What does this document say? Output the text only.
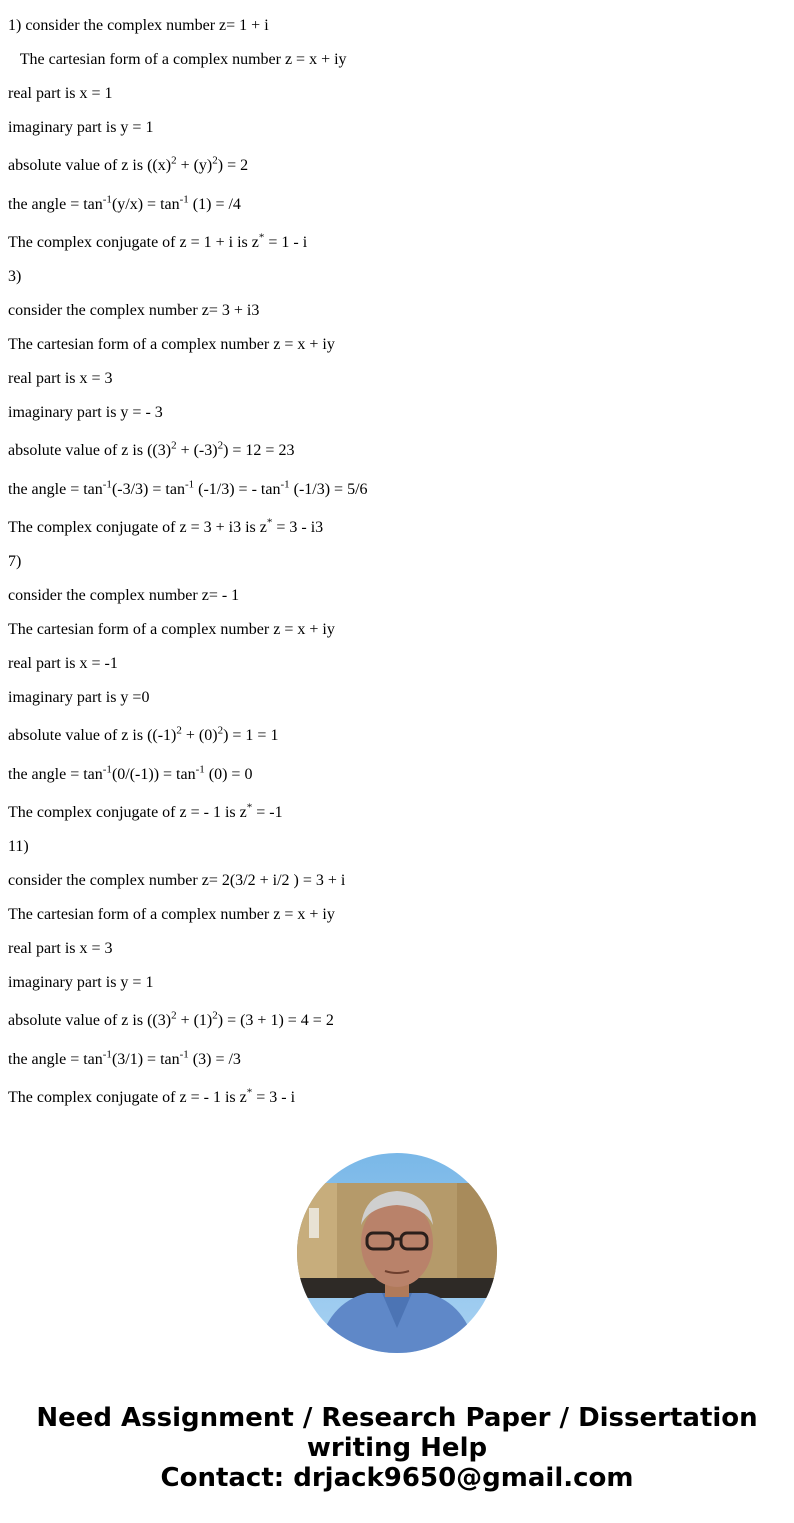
1) consider the complex number z= 1 + i
The cartesian form of a complex number z = x + iy
real part is x = 1
imaginary part is y = 1
absolute value of z is $((x)^2 + (y)^2) = 2$
the angle = $\tan^{-1}(y/x) = \tan^{-1} (1) = /4$
The complex conjugate of z = 1 + i is z* = 1 - i
3)
consider the complex number z= 3 + i3
The cartesian form of a complex number z = x + iy
real part is x = 3
imaginary part is y = - 3
absolute value of z is $((3)^2 + (-3)^2) = 12 = 23$
the angle = $\tan^{-1}(-3/3) = \tan^{-1} (-1/3)$ = - $\tan^{-1} (-1/3) = 5/6$
The complex conjugate of z = 3 + i3 is z* = 3 - i3
7)
consider the complex number z= - 1
The cartesian form of a complex number z = x + iy
real part is x = -1
imaginary part is y =0
absolute value of z is $((-1)^2 + (0)^2) = 1 = 1$
the angle = $\tan^{-1}(0/(-1)) = \tan^{-1} (0) = 0$
The complex conjugate of z = - 1 is z* = -1
11)
consider the complex number z= 2(3/2 + i/2 ) = 3 + i
The cartesian form of a complex number z = x + iy
real part is x = 3
imaginary part is y = 1
absolute value of z is $((3)^2 + (1)^2) = (3 + 1) = 4 = 2$
the angle = $\tan^{-1}(3/1) = \tan^{-1} (3) = /3$
The complex conjugate of z = - 1 is z* = 3 - i
Need Assignment / Research Paper / Dissertation
writing Help
Contact: drjack9650@gmail.com
